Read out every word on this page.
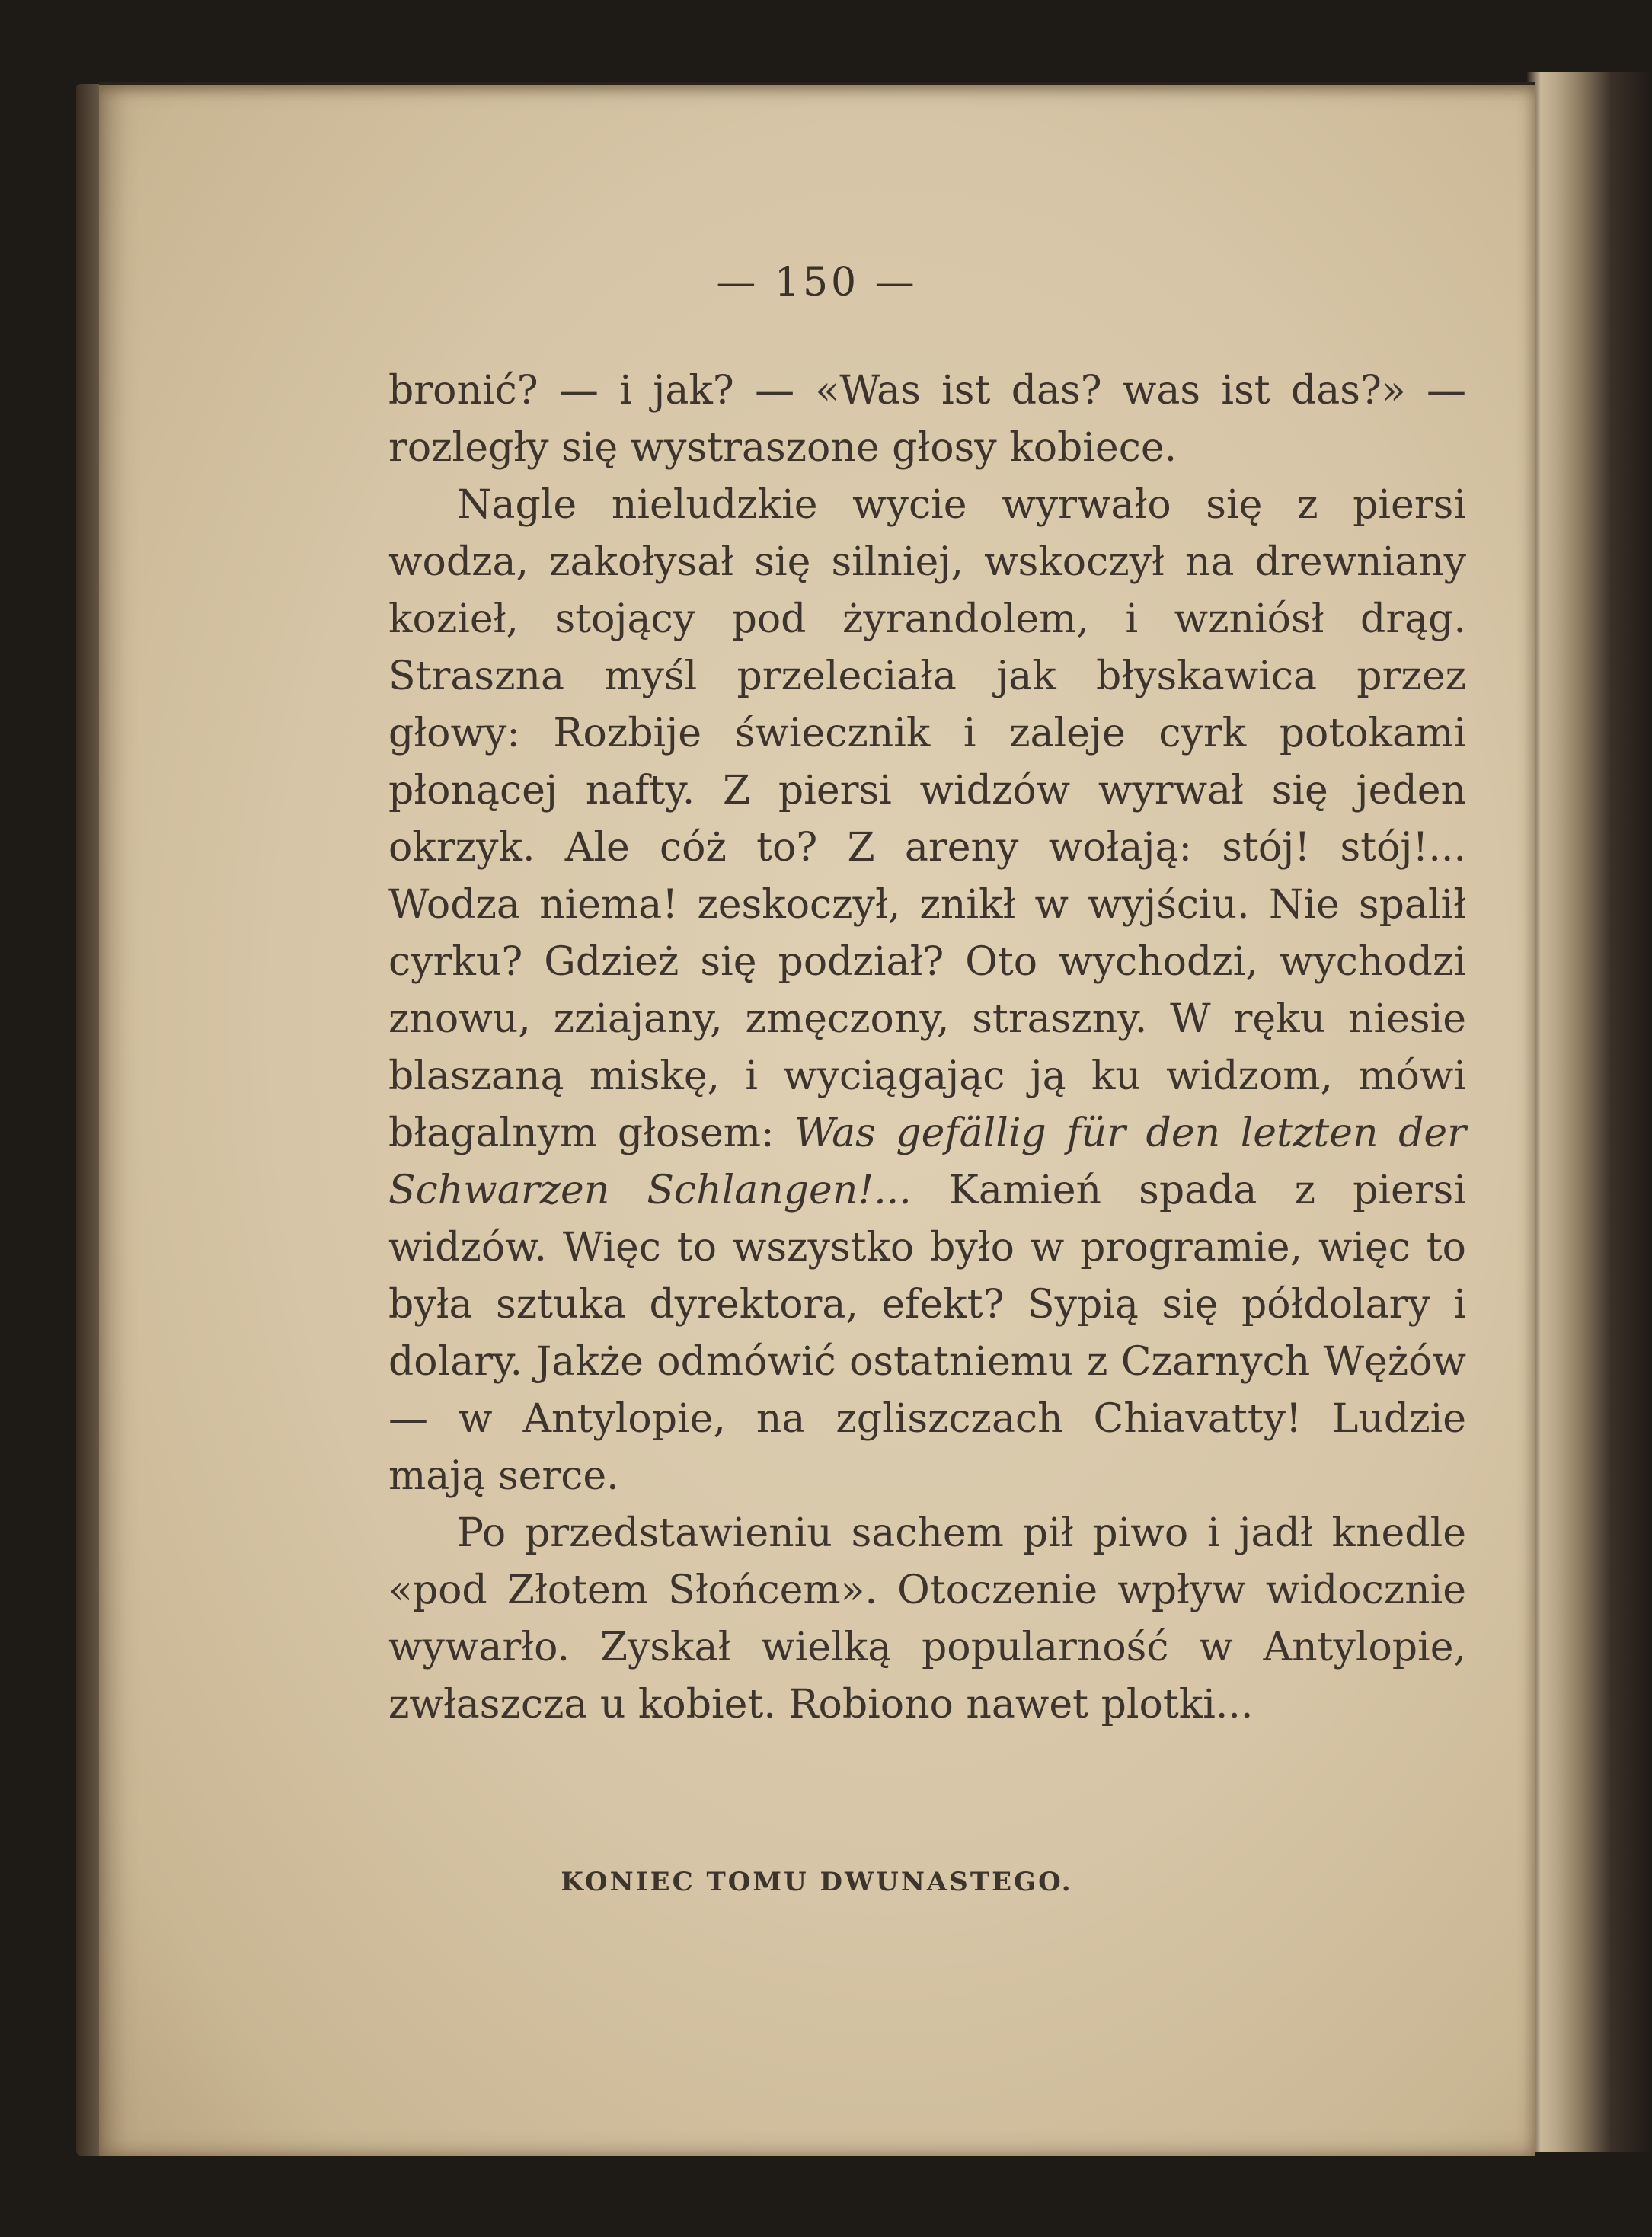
— 150 —

bronić? — i jak? — «Was ist das? was ist das?» — rozległy się wystraszone głosy kobiece.

Nagle nieludzkie wycie wyrwało się z piersi wodza, zakołysał się silniej, wskoczył na drewniany kozieł, stojący pod żyrandolem, i wzniósł drąg. Straszna myśl przeleciała jak błyskawica przez głowy: Rozbije świecznik i zaleje cyrk potokami płonącej nafty. Z piersi widzów wyrwał się jeden okrzyk. Ale cóż to? Z areny wołają: stój! stój!... Wodza niema! zeskoczył, znikł w wyjściu. Nie spalił cyrku? Gdzież się podział? Oto wychodzi, wychodzi znowu, zziajany, zmęczony, straszny. W ręku niesie blaszaną miskę, i wyciągając ją ku widzom, mówi błagalnym głosem: Was gefällig für den letzten der Schwarzen Schlangen!... Kamień spada z piersi widzów. Więc to wszystko było w programie, więc to była sztuka dyrektora, efekt? Sypią się półdolary i dolary. Jakże odmówić ostatniemu z Czarnych Wężów — w Antylopie, na zgliszczach Chiavatty! Ludzie mają serce.

Po przedstawieniu sachem pił piwo i jadł knedle «pod Złotem Słońcem». Otoczenie wpływ widocznie wywarło. Zyskał wielką popularność w Antylopie, zwłaszcza u kobiet. Robiono nawet plotki...

KONIEC TOMU DWUNASTEGO.
